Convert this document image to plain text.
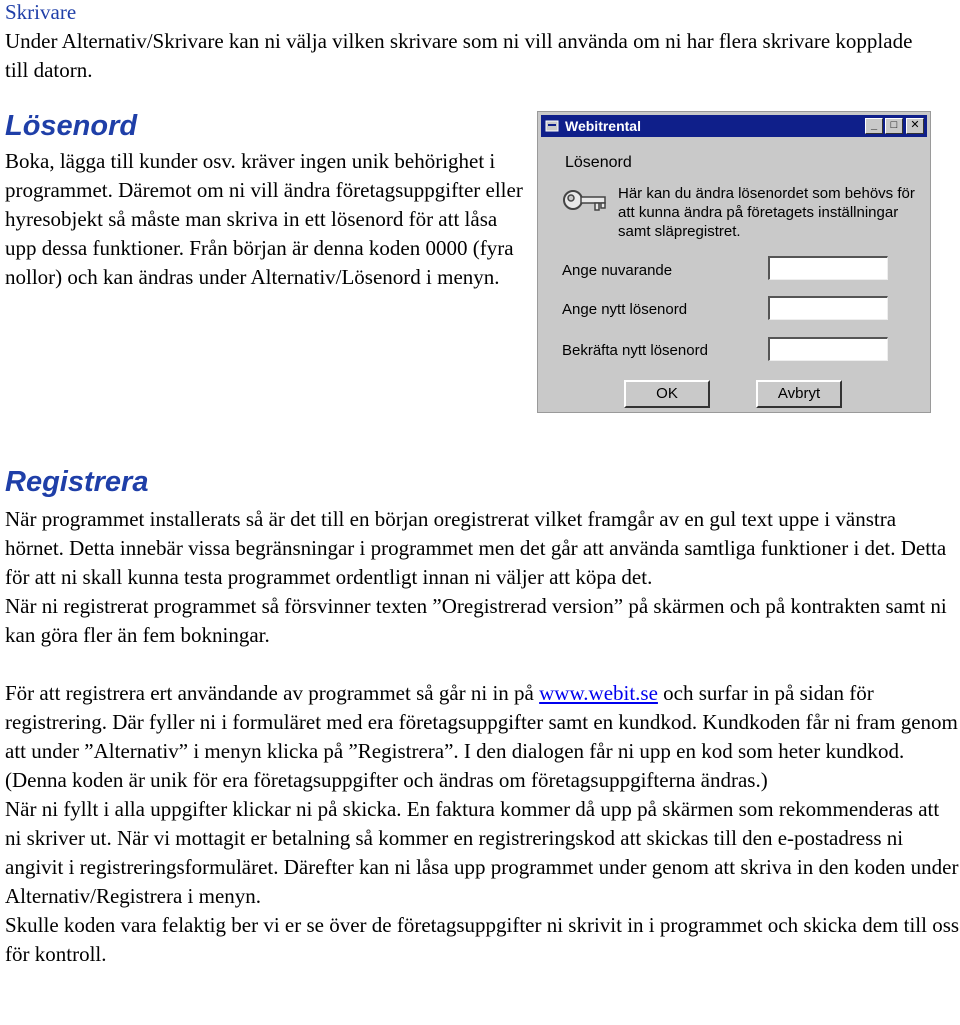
Skrivare
Under Alternativ/Skrivare kan ni välja vilken skrivare som ni vill använda om ni har flera skrivare kopplade till datorn.
Lösenord
Boka, lägga till kunder osv. kräver ingen unik behörighet i programmet. Däremot om ni vill ändra företagsuppgifter eller hyresobjekt så måste man skriva in ett lösenord för att låsa upp dessa funktioner. Från början är denna koden 0000 (fyra nollor) och kan ändras under Alternativ/Lösenord i menyn.
Webitrental	_	□	✕
Lösenord
Här kan du ändra lösenordet som behövs för att kunna ändra på företagets inställningar samt släpregistret.
Ange nuvarande
Ange nytt lösenord
Bekräfta nytt lösenord
OK	Avbryt
Registrera

När programmet installerats så är det till en början oregistrerat vilket framgår av en gul text uppe i vänstra hörnet. Detta innebär vissa begränsningar i programmet men det går att använda samtliga funktioner i det. Detta för att ni skall kunna testa programmet ordentligt innan ni väljer att köpa det.

När ni registrerat programmet så försvinner texten ”Oregistrerad version” på skärmen och på kontrakten samt ni kan göra fler än fem bokningar.

För att registrera ert användande av programmet så går ni in på www.webit.se och surfar in på sidan för registrering. Där fyller ni i formuläret med era företagsuppgifter samt en kundkod. Kundkoden får ni fram genom att under ”Alternativ” i menyn klicka på ”Registrera”. I den dialogen får ni upp en kod som heter kundkod. (Denna koden är unik för era företagsuppgifter och ändras om företagsuppgifterna ändras.)

När ni fyllt i alla uppgifter klickar ni på skicka. En faktura kommer då upp på skärmen som rekommenderas att ni skriver ut. När vi mottagit er betalning så kommer en registreringskod att skickas till den e-postadress ni angivit i registreringsformuläret. Därefter kan ni låsa upp programmet under genom att skriva in den koden under Alternativ/Registrera i menyn.

Skulle koden vara felaktig ber vi er se över de företagsuppgifter ni skrivit in i programmet och skicka dem till oss för kontroll.
